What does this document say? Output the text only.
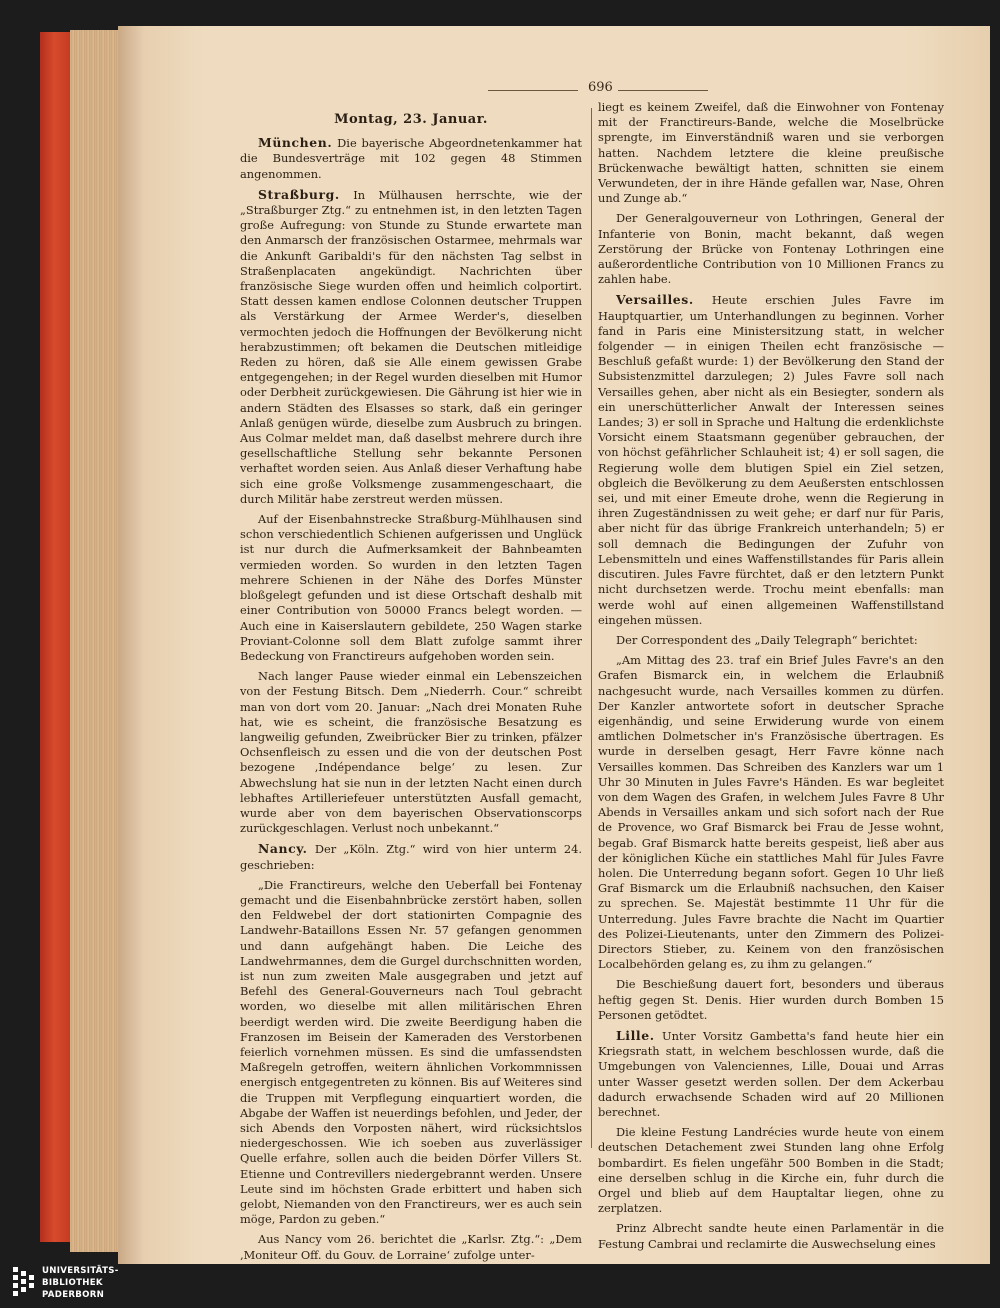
696
Montag, 23. Januar.

München. Die bayerische Abgeordnetenkammer hat die Bundesverträge mit 102 gegen 48 Stimmen angenommen.

Straßburg. In Mülhausen herrschte, wie der „Straßburger Ztg.“ zu entnehmen ist, in den letzten Tagen große Aufregung: von Stunde zu Stunde erwartete man den Anmarsch der französischen Ostarmee, mehrmals war die Ankunft Garibaldi's für den nächsten Tag selbst in Straßenplacaten angekündigt. Nachrichten über französische Siege wurden offen und heimlich colportirt. Statt dessen kamen endlose Colonnen deutscher Truppen als Verstärkung der Armee Werder's, dieselben vermochten jedoch die Hoffnungen der Bevölkerung nicht herabzustimmen; oft bekamen die Deutschen mitleidige Reden zu hören, daß sie Alle einem gewissen Grabe entgegengehen; in der Regel wurden dieselben mit Humor oder Derbheit zurückgewiesen. Die Gährung ist hier wie in andern Städten des Elsasses so stark, daß ein geringer Anlaß genügen würde, dieselbe zum Ausbruch zu bringen. Aus Colmar meldet man, daß daselbst mehrere durch ihre gesellschaftliche Stellung sehr bekannte Personen verhaftet worden seien. Aus Anlaß dieser Verhaftung habe sich eine große Volksmenge zusammengeschaart, die durch Militär habe zerstreut werden müssen.

Auf der Eisenbahnstrecke Straßburg-Mühlhausen sind schon verschiedentlich Schienen aufgerissen und Unglück ist nur durch die Aufmerksamkeit der Bahnbeamten vermieden worden. So wurden in den letzten Tagen mehrere Schienen in der Nähe des Dorfes Münster bloßgelegt gefunden und ist diese Ortschaft deshalb mit einer Contribution von 50000 Francs belegt worden. — Auch eine in Kaiserslautern gebildete, 250 Wagen starke Proviant-Colonne soll dem Blatt zufolge sammt ihrer Bedeckung von Franctireurs aufgehoben worden sein.

Nach langer Pause wieder einmal ein Lebenszeichen von der Festung Bitsch. Dem „Niederrh. Cour.“ schreibt man von dort vom 20. Januar: „Nach drei Monaten Ruhe hat, wie es scheint, die französische Besatzung es langweilig gefunden, Zweibrücker Bier zu trinken, pfälzer Ochsenfleisch zu essen und die von der deutschen Post bezogene ‚Indépendance belge‘ zu lesen. Zur Abwechslung hat sie nun in der letzten Nacht einen durch lebhaftes Artilleriefeuer unterstützten Ausfall gemacht, wurde aber von dem bayerischen Observationscorps zurückgeschlagen. Verlust noch unbekannt.“

Nancy. Der „Köln. Ztg.“ wird von hier unterm 24. geschrieben:

„Die Franctireurs, welche den Ueberfall bei Fontenay gemacht und die Eisenbahnbrücke zerstört haben, sollen den Feldwebel der dort stationirten Compagnie des Landwehr-Bataillons Essen Nr. 57 gefangen genommen und dann aufgehängt haben. Die Leiche des Landwehrmannes, dem die Gurgel durchschnitten worden, ist nun zum zweiten Male ausgegraben und jetzt auf Befehl des General-Gouverneurs nach Toul gebracht worden, wo dieselbe mit allen militärischen Ehren beerdigt werden wird. Die zweite Beerdigung haben die Franzosen im Beisein der Kameraden des Verstorbenen feierlich vornehmen müssen. Es sind die umfassendsten Maßregeln getroffen, weitern ähnlichen Vorkommnissen energisch entgegentreten zu können. Bis auf Weiteres sind die Truppen mit Verpflegung einquartiert worden, die Abgabe der Waffen ist neuerdings befohlen, und Jeder, der sich Abends den Vorposten nähert, wird rücksichtslos niedergeschossen. Wie ich soeben aus zuverlässiger Quelle erfahre, sollen auch die beiden Dörfer Villers St. Etienne und Contrevillers niedergebrannt werden. Unsere Leute sind im höchsten Grade erbittert und haben sich gelobt, Niemanden von den Franctireurs, wer es auch sein möge, Pardon zu geben.“

Aus Nancy vom 26. berichtet die „Karlsr. Ztg.“: „Dem ‚Moniteur Off. du Gouv. de Lorraine‘ zufolge unter-

liegt es keinem Zweifel, daß die Einwohner von Fontenay mit der Franctireurs-Bande, welche die Moselbrücke sprengte, im Einverständniß waren und sie verborgen hatten. Nachdem letztere die kleine preußische Brückenwache bewältigt hatten, schnitten sie einem Verwundeten, der in ihre Hände gefallen war, Nase, Ohren und Zunge ab.“

Der Generalgouverneur von Lothringen, General der Infanterie von Bonin, macht bekannt, daß wegen Zerstörung der Brücke von Fontenay Lothringen eine außerordentliche Contribution von 10 Millionen Francs zu zahlen habe.

Versailles. Heute erschien Jules Favre im Hauptquartier, um Unterhandlungen zu beginnen. Vorher fand in Paris eine Ministersitzung statt, in welcher folgender — in einigen Theilen echt französische — Beschluß gefaßt wurde: 1) der Bevölkerung den Stand der Subsistenzmittel darzulegen; 2) Jules Favre soll nach Versailles gehen, aber nicht als ein Besiegter, sondern als ein unerschütterlicher Anwalt der Interessen seines Landes; 3) er soll in Sprache und Haltung die erdenklichste Vorsicht einem Staatsmann gegenüber gebrauchen, der von höchst gefährlicher Schlauheit ist; 4) er soll sagen, die Regierung wolle dem blutigen Spiel ein Ziel setzen, obgleich die Bevölkerung zu dem Aeußersten entschlossen sei, und mit einer Emeute drohe, wenn die Regierung in ihren Zugeständnissen zu weit gehe; er darf nur für Paris, aber nicht für das übrige Frankreich unterhandeln; 5) er soll demnach die Bedingungen der Zufuhr von Lebensmitteln und eines Waffenstillstandes für Paris allein discutiren. Jules Favre fürchtet, daß er den letztern Punkt nicht durchsetzen werde. Trochu meint ebenfalls: man werde wohl auf einen allgemeinen Waffenstillstand eingehen müssen.

Der Correspondent des „Daily Telegraph“ berichtet:

„Am Mittag des 23. traf ein Brief Jules Favre's an den Grafen Bismarck ein, in welchem die Erlaubniß nachgesucht wurde, nach Versailles kommen zu dürfen. Der Kanzler antwortete sofort in deutscher Sprache eigenhändig, und seine Erwiderung wurde von einem amtlichen Dolmetscher in's Französische übertragen. Es wurde in derselben gesagt, Herr Favre könne nach Versailles kommen. Das Schreiben des Kanzlers war um 1 Uhr 30 Minuten in Jules Favre's Händen. Es war begleitet von dem Wagen des Grafen, in welchem Jules Favre 8 Uhr Abends in Versailles ankam und sich sofort nach der Rue de Provence, wo Graf Bismarck bei Frau de Jesse wohnt, begab. Graf Bismarck hatte bereits gespeist, ließ aber aus der königlichen Küche ein stattliches Mahl für Jules Favre holen. Die Unterredung begann sofort. Gegen 10 Uhr ließ Graf Bismarck um die Erlaubniß nachsuchen, den Kaiser zu sprechen. Se. Majestät bestimmte 11 Uhr für die Unterredung. Jules Favre brachte die Nacht im Quartier des Polizei-Lieutenants, unter den Zimmern des Polizei-Directors Stieber, zu. Keinem von den französischen Localbehörden gelang es, zu ihm zu gelangen.“

Die Beschießung dauert fort, besonders und überaus heftig gegen St. Denis. Hier wurden durch Bomben 15 Personen getödtet.

Lille. Unter Vorsitz Gambetta's fand heute hier ein Kriegsrath statt, in welchem beschlossen wurde, daß die Umgebungen von Valenciennes, Lille, Douai und Arras unter Wasser gesetzt werden sollen. Der dem Ackerbau dadurch erwachsende Schaden wird auf 20 Millionen berechnet.

Die kleine Festung Landrécies wurde heute von einem deutschen Detachement zwei Stunden lang ohne Erfolg bombardirt. Es fielen ungefähr 500 Bomben in die Stadt; eine derselben schlug in die Kirche ein, fuhr durch die Orgel und blieb auf dem Hauptaltar liegen, ohne zu zerplatzen.

Prinz Albrecht sandte heute einen Parlamentär in die Festung Cambrai und reclamirte die Auswechselung eines

UNIVERSITÄTS-
BIBLIOTHEK
PADERBORN
